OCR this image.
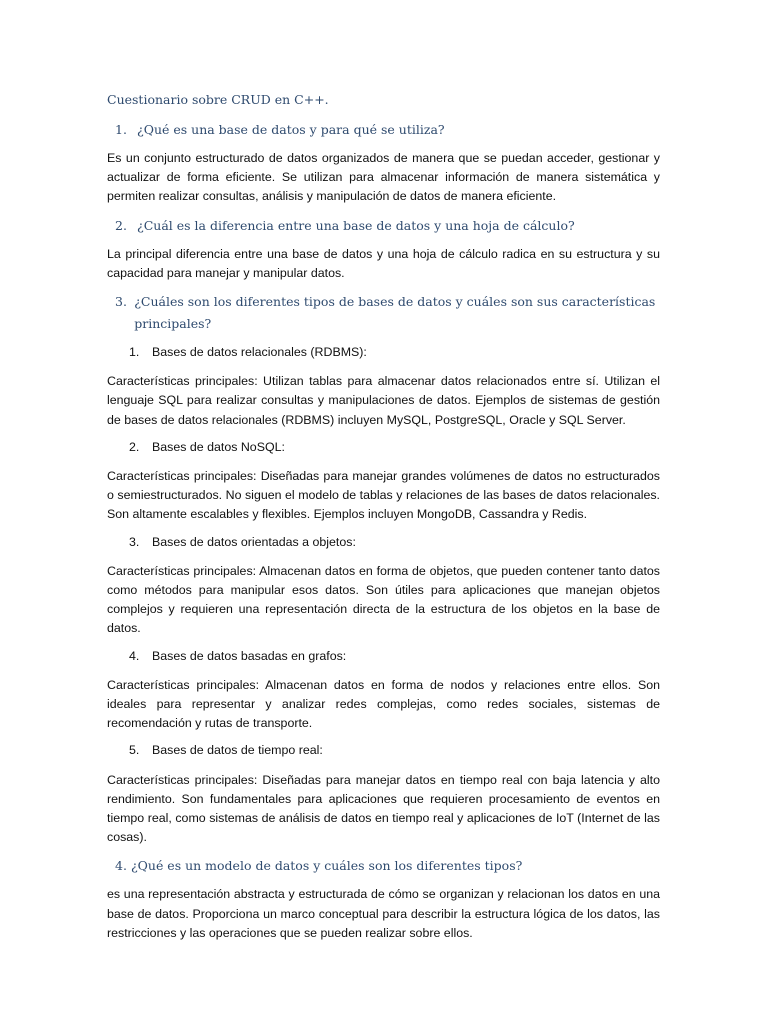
Cuestionario sobre CRUD en C++.
1. ¿Qué es una base de datos y para qué se utiliza?

Es un conjunto estructurado de datos organizados de manera que se puedan acceder, gestionar y actualizar de forma eficiente. Se utilizan para almacenar información de manera sistemática y permiten realizar consultas, análisis y manipulación de datos de manera eficiente.

2. ¿Cuál es la diferencia entre una base de datos y una hoja de cálculo?

La principal diferencia entre una base de datos y una hoja de cálculo radica en su estructura y su capacidad para manejar y manipular datos.

3. ¿Cuáles son los diferentes tipos de bases de datos y cuáles son sus características principales?
1.	Bases de datos relacionales (RDBMS):

Características principales: Utilizan tablas para almacenar datos relacionados entre sí. Utilizan el lenguaje SQL para realizar consultas y manipulaciones de datos. Ejemplos de sistemas de gestión de bases de datos relacionales (RDBMS) incluyen MySQL, PostgreSQL, Oracle y SQL Server.

2.	Bases de datos NoSQL:

Características principales: Diseñadas para manejar grandes volúmenes de datos no estructurados o semiestructurados. No siguen el modelo de tablas y relaciones de las bases de datos relacionales. Son altamente escalables y flexibles. Ejemplos incluyen MongoDB, Cassandra y Redis.

3.	Bases de datos orientadas a objetos:

Características principales: Almacenan datos en forma de objetos, que pueden contener tanto datos como métodos para manipular esos datos. Son útiles para aplicaciones que manejan objetos complejos y requieren una representación directa de la estructura de los objetos en la base de datos.

4.	Bases de datos basadas en grafos:

Características principales: Almacenan datos en forma de nodos y relaciones entre ellos. Son ideales para representar y analizar redes complejas, como redes sociales, sistemas de recomendación y rutas de transporte.

5.	Bases de datos de tiempo real:

Características principales: Diseñadas para manejar datos en tiempo real con baja latencia y alto rendimiento. Son fundamentales para aplicaciones que requieren procesamiento de eventos en tiempo real, como sistemas de análisis de datos en tiempo real y aplicaciones de IoT (Internet de las cosas).

4. ¿Qué es un modelo de datos y cuáles son los diferentes tipos?

es una representación abstracta y estructurada de cómo se organizan y relacionan los datos en una base de datos. Proporciona un marco conceptual para describir la estructura lógica de los datos, las restricciones y las operaciones que se pueden realizar sobre ellos.
